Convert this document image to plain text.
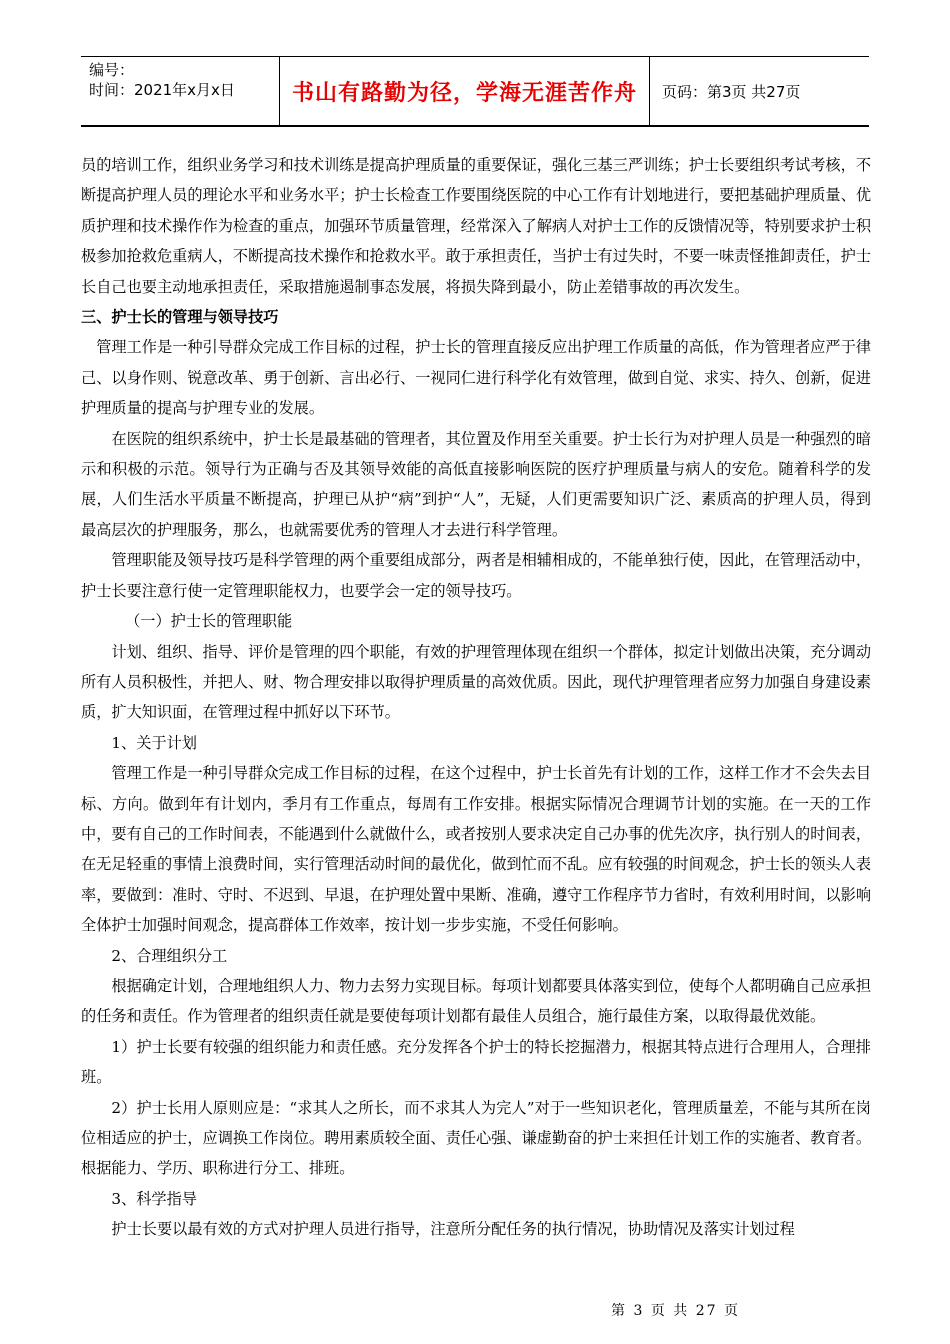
编号：
时间：2021年x月x日	书山有路勤为径，学海无涯苦作舟	页码：第3页 共27页

员的培训工作，组织业务学习和技术训练是提高护理质量的重要保证，强化三基三严训练；护士长要组织考试考核，不断提高护理人员的理论水平和业务水平；护士长检查工作要围绕医院的中心工作有计划地进行，要把基础护理质量、优质护理和技术操作作为检查的重点，加强环节质量管理，经常深入了解病人对护士工作的反馈情况等，特别要求护士积极参加抢救危重病人，不断提高技术操作和抢救水平。敢于承担责任，当护士有过失时，不要一味责怪推卸责任，护士长自己也要主动地承担责任，采取措施遏制事态发展，将损失降到最小，防止差错事故的再次发生。

三、护士长的管理与领导技巧

管理工作是一种引导群众完成工作目标的过程，护士长的管理直接反应出护理工作质量的高低，作为管理者应严于律己、以身作则、锐意改革、勇于创新、言出必行、一视同仁进行科学化有效管理，做到自觉、求实、持久、创新，促进护理质量的提高与护理专业的发展。

在医院的组织系统中，护士长是最基础的管理者，其位置及作用至关重要。护士长行为对护理人员是一种强烈的暗示和积极的示范。领导行为正确与否及其领导效能的高低直接影响医院的医疗护理质量与病人的安危。随着科学的发展，人们生活水平质量不断提高，护理已从护“病”到护“人”，无疑，人们更需要知识广泛、素质高的护理人员，得到最高层次的护理服务，那么，也就需要优秀的管理人才去进行科学管理。

管理职能及领导技巧是科学管理的两个重要组成部分，两者是相辅相成的，不能单独行使，因此，在管理活动中，护士长要注意行使一定管理职能权力，也要学会一定的领导技巧。

（一）护士长的管理职能

计划、组织、指导、评价是管理的四个职能，有效的护理管理体现在组织一个群体，拟定计划做出决策，充分调动所有人员积极性，并把人、财、物合理安排以取得护理质量的高效优质。因此，现代护理管理者应努力加强自身建设素质，扩大知识面，在管理过程中抓好以下环节。

1、关于计划

管理工作是一种引导群众完成工作目标的过程，在这个过程中，护士长首先有计划的工作，这样工作才不会失去目标、方向。做到年有计划内，季月有工作重点，每周有工作安排。根据实际情况合理调节计划的实施。在一天的工作中，要有自己的工作时间表，不能遇到什么就做什么，或者按别人要求决定自己办事的优先次序，执行别人的时间表，在无足轻重的事情上浪费时间，实行管理活动时间的最优化，做到忙而不乱。应有较强的时间观念，护士长的领头人表率，要做到：准时、守时、不迟到、早退，在护理处置中果断、准确，遵守工作程序节力省时，有效利用时间，以影响全体护士加强时间观念，提高群体工作效率，按计划一步步实施，不受任何影响。

2、合理组织分工

根据确定计划，合理地组织人力、物力去努力实现目标。每项计划都要具体落实到位，使每个人都明确自己应承担的任务和责任。作为管理者的组织责任就是要使每项计划都有最佳人员组合，施行最佳方案，以取得最优效能。

1）护士长要有较强的组织能力和责任感。充分发挥各个护士的特长挖掘潜力，根据其特点进行合理用人，合理排班。

2）护士长用人原则应是：“求其人之所长，而不求其人为完人”对于一些知识老化，管理质量差，不能与其所在岗位相适应的护士，应调换工作岗位。聘用素质较全面、责任心强、谦虚勤奋的护士来担任计划工作的实施者、教育者。根据能力、学历、职称进行分工、排班。

3、科学指导

护士长要以最有效的方式对护理人员进行指导，注意所分配任务的执行情况，协助情况及落实计划过程

第 3 页 共 27 页
